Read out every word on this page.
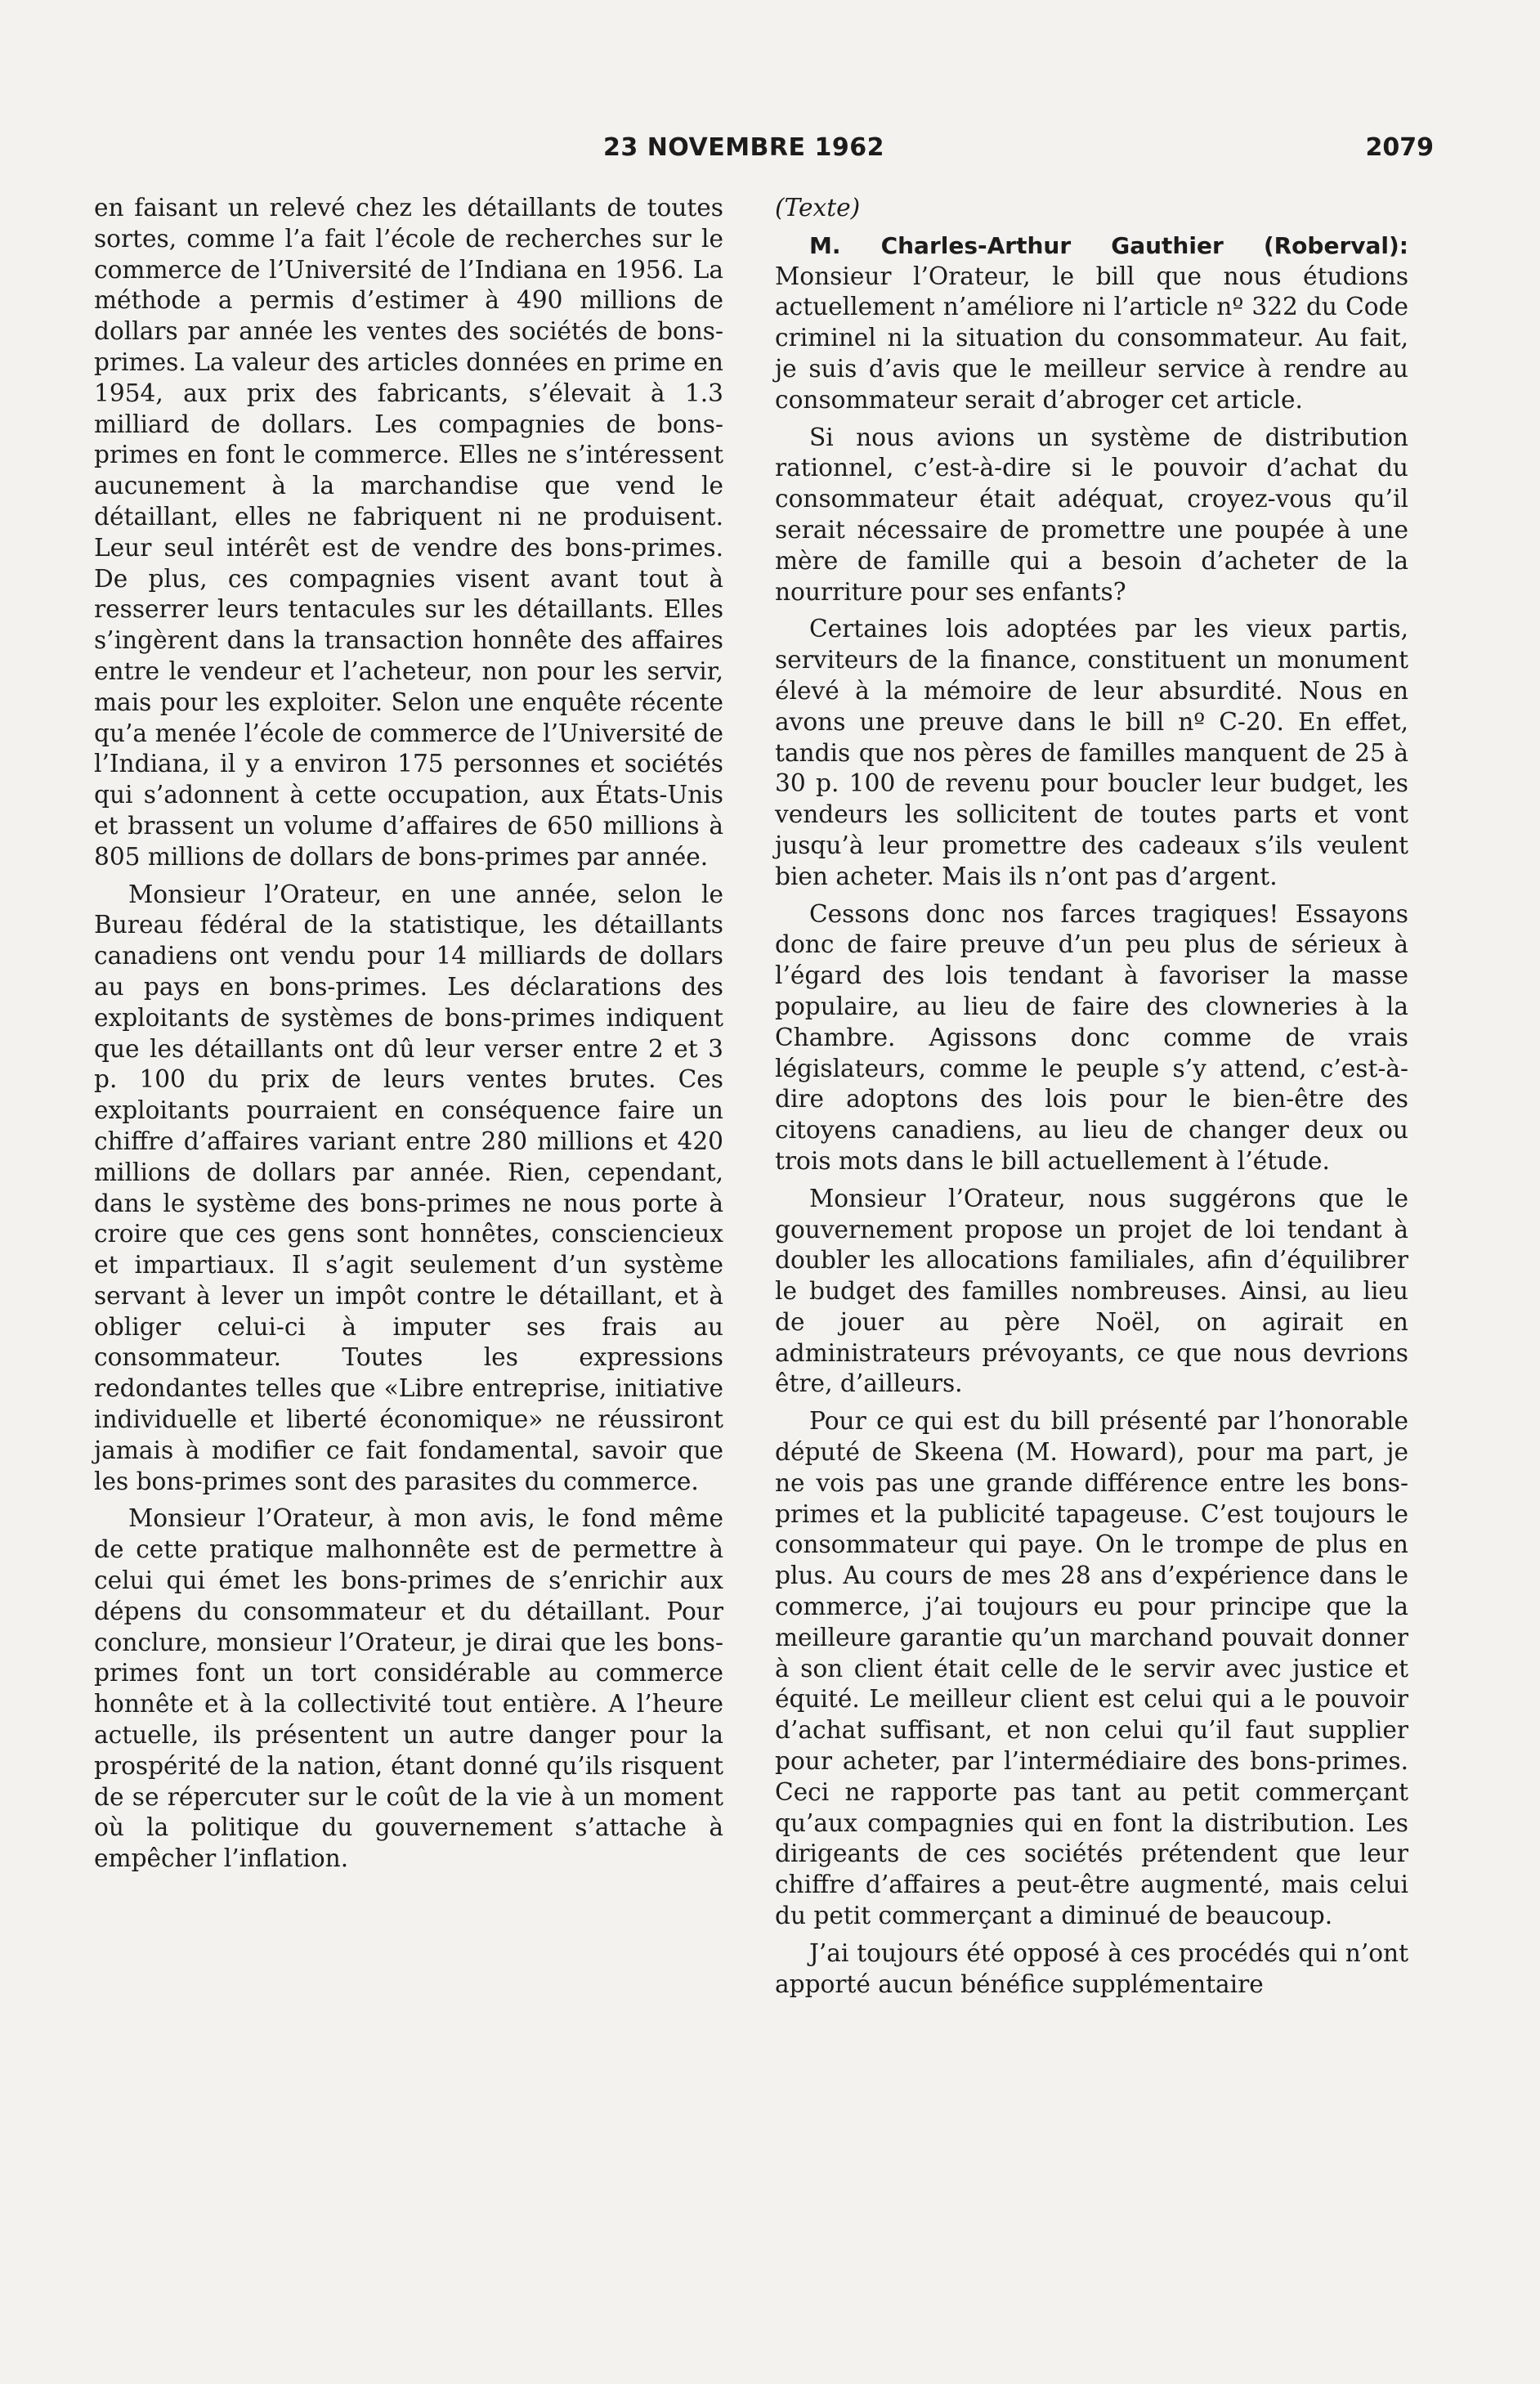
23 NOVEMBRE 1962	2079

en faisant un relevé chez les détaillants de toutes sortes, comme l’a fait l’école de recherches sur le commerce de l’Université de l’Indiana en 1956. La méthode a permis d’estimer à 490 millions de dollars par année les ventes des sociétés de bons-primes. La valeur des articles données en prime en 1954, aux prix des fabricants, s’élevait à 1.3 milliard de dollars. Les compagnies de bons-primes en font le commerce. Elles ne s’intéressent aucunement à la marchandise que vend le détaillant, elles ne fabriquent ni ne produisent. Leur seul intérêt est de vendre des bons-primes. De plus, ces compagnies visent avant tout à resserrer leurs tentacules sur les détaillants. Elles s’ingèrent dans la transaction honnête des affaires entre le vendeur et l’acheteur, non pour les servir, mais pour les exploiter. Selon une enquête récente qu’a menée l’école de commerce de l’Université de l’Indiana, il y a environ 175 personnes et sociétés qui s’adonnent à cette occupation, aux États-Unis et brassent un volume d’affaires de 650 millions à 805 millions de dollars de bons-primes par année.

Monsieur l’Orateur, en une année, selon le Bureau fédéral de la statistique, les détaillants canadiens ont vendu pour 14 milliards de dollars au pays en bons-primes. Les déclarations des exploitants de systèmes de bons-primes indiquent que les détaillants ont dû leur verser entre 2 et 3 p. 100 du prix de leurs ventes brutes. Ces exploitants pourraient en conséquence faire un chiffre d’affaires variant entre 280 millions et 420 millions de dollars par année. Rien, cependant, dans le système des bons-primes ne nous porte à croire que ces gens sont honnêtes, consciencieux et impartiaux. Il s’agit seulement d’un système servant à lever un impôt contre le détaillant, et à obliger celui-ci à imputer ses frais au consommateur. Toutes les expressions redondantes telles que «Libre entreprise, initiative individuelle et liberté économique» ne réussiront jamais à modifier ce fait fondamental, savoir que les bons-primes sont des parasites du commerce.

Monsieur l’Orateur, à mon avis, le fond même de cette pratique malhonnête est de permettre à celui qui émet les bons-primes de s’enrichir aux dépens du consommateur et du détaillant. Pour conclure, monsieur l’Orateur, je dirai que les bons-primes font un tort considérable au commerce honnête et à la collectivité tout entière. A l’heure actuelle, ils présentent un autre danger pour la prospérité de la nation, étant donné qu’ils risquent de se répercuter sur le coût de la vie à un moment où la politique du gouvernement s’attache à empêcher l’inflation.

(Texte)

M. Charles-Arthur Gauthier (Roberval): Monsieur l’Orateur, le bill que nous étudions actuellement n’améliore ni l’article nº 322 du Code criminel ni la situation du consommateur. Au fait, je suis d’avis que le meilleur service à rendre au consommateur serait d’abroger cet article.

Si nous avions un système de distribution rationnel, c’est-à-dire si le pouvoir d’achat du consommateur était adéquat, croyez-vous qu’il serait nécessaire de promettre une poupée à une mère de famille qui a besoin d’acheter de la nourriture pour ses enfants?

Certaines lois adoptées par les vieux partis, serviteurs de la finance, constituent un monument élevé à la mémoire de leur absurdité. Nous en avons une preuve dans le bill nº C-20. En effet, tandis que nos pères de familles manquent de 25 à 30 p. 100 de revenu pour boucler leur budget, les vendeurs les sollicitent de toutes parts et vont jusqu’à leur promettre des cadeaux s’ils veulent bien acheter. Mais ils n’ont pas d’argent.

Cessons donc nos farces tragiques! Essayons donc de faire preuve d’un peu plus de sérieux à l’égard des lois tendant à favoriser la masse populaire, au lieu de faire des clowneries à la Chambre. Agissons donc comme de vrais législateurs, comme le peuple s’y attend, c’est-à-dire adoptons des lois pour le bien-être des citoyens canadiens, au lieu de changer deux ou trois mots dans le bill actuellement à l’étude.

Monsieur l’Orateur, nous suggérons que le gouvernement propose un projet de loi tendant à doubler les allocations familiales, afin d’équilibrer le budget des familles nombreuses. Ainsi, au lieu de jouer au père Noël, on agirait en administrateurs prévoyants, ce que nous devrions être, d’ailleurs.

Pour ce qui est du bill présenté par l’honorable député de Skeena (M. Howard), pour ma part, je ne vois pas une grande différence entre les bons-primes et la publicité tapageuse. C’est toujours le consommateur qui paye. On le trompe de plus en plus. Au cours de mes 28 ans d’expérience dans le commerce, j’ai toujours eu pour principe que la meilleure garantie qu’un marchand pouvait donner à son client était celle de le servir avec justice et équité. Le meilleur client est celui qui a le pouvoir d’achat suffisant, et non celui qu’il faut supplier pour acheter, par l’intermédiaire des bons-primes. Ceci ne rapporte pas tant au petit commerçant qu’aux compagnies qui en font la distribution. Les dirigeants de ces sociétés prétendent que leur chiffre d’affaires a peut-être augmenté, mais celui du petit commerçant a diminué de beaucoup.

J’ai toujours été opposé à ces procédés qui n’ont apporté aucun bénéfice supplémentaire
